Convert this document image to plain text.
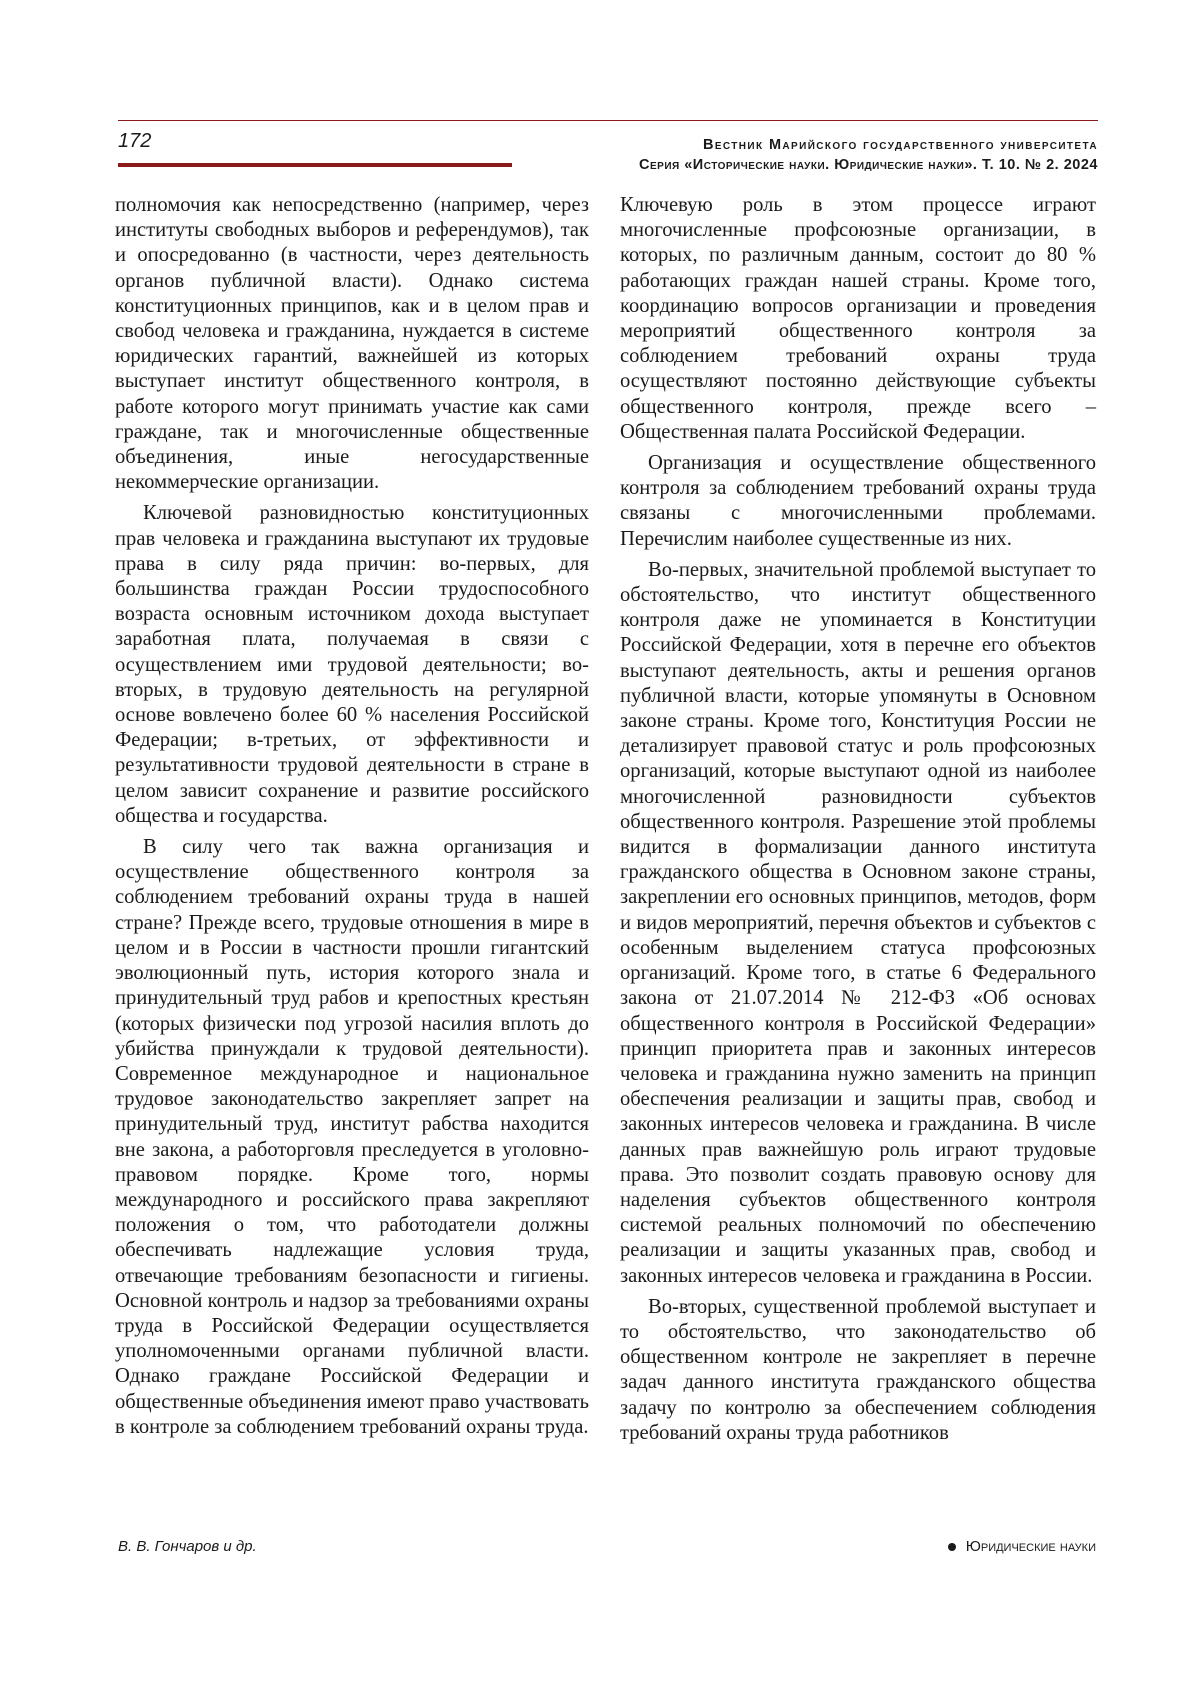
172	Вестник Марийского государственного университета
Серия «Исторические науки. Юридические науки». Т. 10. № 2. 2024

полномочия как непосредственно (например, через институты свободных выборов и референдумов), так и опосредованно (в частности, через деятельность органов публичной власти). Однако система конституционных принципов, как и в целом прав и свобод человека и гражданина, нуждается в системе юридических гарантий, важнейшей из которых выступает институт общественного контроля, в работе которого могут принимать участие как сами граждане, так и многочисленные общественные объединения, иные негосударственные некоммерческие организации.

Ключевой разновидностью конституционных прав человека и гражданина выступают их трудовые права в силу ряда причин: во-первых, для большинства граждан России трудоспособного возраста основным источником дохода выступает заработная плата, получаемая в связи с осуществлением ими трудовой деятельности; во-вторых, в трудовую деятельность на регулярной основе вовлечено более 60 % населения Российской Федерации; в-третьих, от эффективности и результативности трудовой деятельности в стране в целом зависит сохранение и развитие российского общества и государства.

В силу чего так важна организация и осуществление общественного контроля за соблюдением требований охраны труда в нашей стране? Прежде всего, трудовые отношения в мире в целом и в России в частности прошли гигантский эволюционный путь, история которого знала и принудительный труд рабов и крепостных крестьян (которых физически под угрозой насилия вплоть до убийства принуждали к трудовой деятельности). Современное международное и национальное трудовое законодательство закрепляет запрет на принудительный труд, институт рабства находится вне закона, а работорговля преследуется в уголовно-правовом порядке. Кроме того, нормы международного и российского права закрепляют положения о том, что работодатели должны обеспечивать надлежащие условия труда, отвечающие требованиям безопасности и гигиены. Основной контроль и надзор за требованиями охраны труда в Российской Федерации осуществляется уполномоченными органами публичной власти. Однако граждане Российской Федерации и общественные объединения имеют право участвовать в контроле за соблюдением требований охраны труда.

Ключевую роль в этом процессе играют многочисленные профсоюзные организации, в которых, по различным данным, состоит до 80 % работающих граждан нашей страны. Кроме того, координацию вопросов организации и проведения мероприятий общественного контроля за соблюдением требований охраны труда осуществляют постоянно действующие субъекты общественного контроля, прежде всего – Общественная палата Российской Федерации.

Организация и осуществление общественного контроля за соблюдением требований охраны труда связаны с многочисленными проблемами. Перечислим наиболее существенные из них.

Во-первых, значительной проблемой выступает то обстоятельство, что институт общественного контроля даже не упоминается в Конституции Российской Федерации, хотя в перечне его объектов выступают деятельность, акты и решения органов публичной власти, которые упомянуты в Основном законе страны. Кроме того, Конституция России не детализирует правовой статус и роль профсоюзных организаций, которые выступают одной из наиболее многочисленной разновидности субъектов общественного контроля. Разрешение этой проблемы видится в формализации данного института гражданского общества в Основном законе страны, закреплении его основных принципов, методов, форм и видов мероприятий, перечня объектов и субъектов с особенным выделением статуса профсоюзных организаций. Кроме того, в статье 6 Федерального закона от 21.07.2014 № 212-ФЗ «Об основах общественного контроля в Российской Федерации» принцип приоритета прав и законных интересов человека и гражданина нужно заменить на принцип обеспечения реализации и защиты прав, свобод и законных интересов человека и гражданина. В числе данных прав важнейшую роль играют трудовые права. Это позволит создать правовую основу для наделения субъектов общественного контроля системой реальных полномочий по обеспечению реализации и защиты указанных прав, свобод и законных интересов человека и гражданина в России.

Во-вторых, существенной проблемой выступает и то обстоятельство, что законодательство об общественном контроле не закрепляет в перечне задач данного института гражданского общества задачу по контролю за обеспечением соблюдения требований охраны труда работников

В. В. Гончаров и др.	Юридические науки
